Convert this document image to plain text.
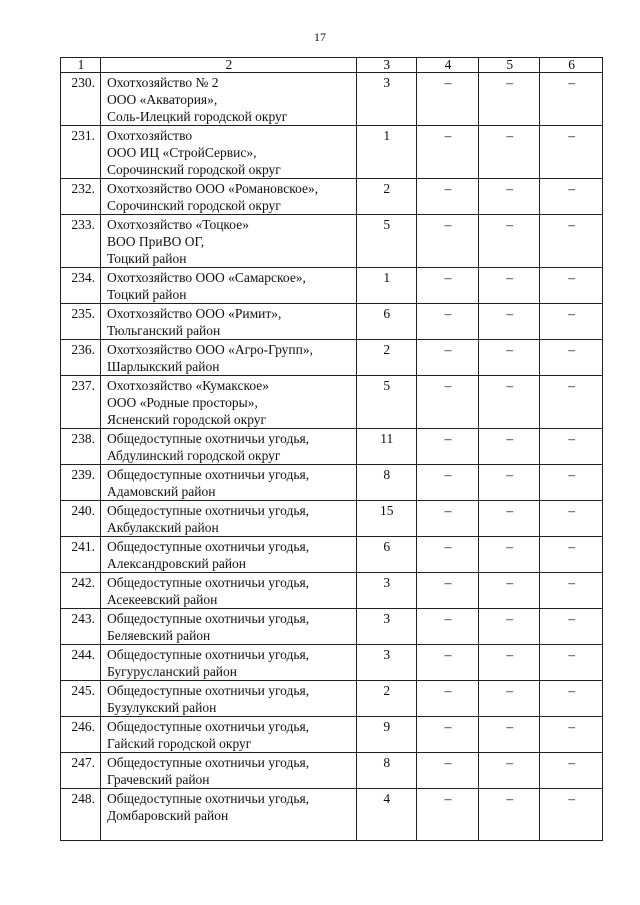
17
1	2	3	4	5	6
230.	Охотхозяйство № 2
ООО «Акватория»,
Соль-Илецкий городской округ	3	–	–	–
231.	Охотхозяйство
ООО ИЦ «СтройСервис»,
Сорочинский городской округ	1	–	–	–
232.	Охотхозяйство ООО «Романовское»,
Сорочинский городской округ	2	–	–	–
233.	Охотхозяйство «Тоцкое»
ВОО ПриВО ОГ,
Тоцкий район	5	–	–	–
234.	Охотхозяйство ООО «Самарское»,
Тоцкий район	1	–	–	–
235.	Охотхозяйство ООО «Римит»,
Тюльганский район	6	–	–	–
236.	Охотхозяйство ООО «Агро-Групп»,
Шарлыкский район	2	–	–	–
237.	Охотхозяйство «Кумакское»
ООО «Родные просторы»,
Ясненский городской округ	5	–	–	–
238.	Общедоступные охотничьи угодья,
Абдулинский городской округ	11	–	–	–
239.	Общедоступные охотничьи угодья,
Адамовский район	8	–	–	–
240.	Общедоступные охотничьи угодья,
Акбулакский район	15	–	–	–
241.	Общедоступные охотничьи угодья,
Александровский район	6	–	–	–
242.	Общедоступные охотничьи угодья,
Асекеевский район	3	–	–	–
243.	Общедоступные охотничьи угодья,
Беляевский район	3	–	–	–
244.	Общедоступные охотничьи угодья,
Бугурусланский район	3	–	–	–
245.	Общедоступные охотничьи угодья,
Бузулукский район	2	–	–	–
246.	Общедоступные охотничьи угодья,
Гайский городской округ	9	–	–	–
247.	Общедоступные охотничьи угодья,
Грачевский район	8	–	–	–
248.	Общедоступные охотничьи угодья,
Домбаровский район	4	–	–	–
